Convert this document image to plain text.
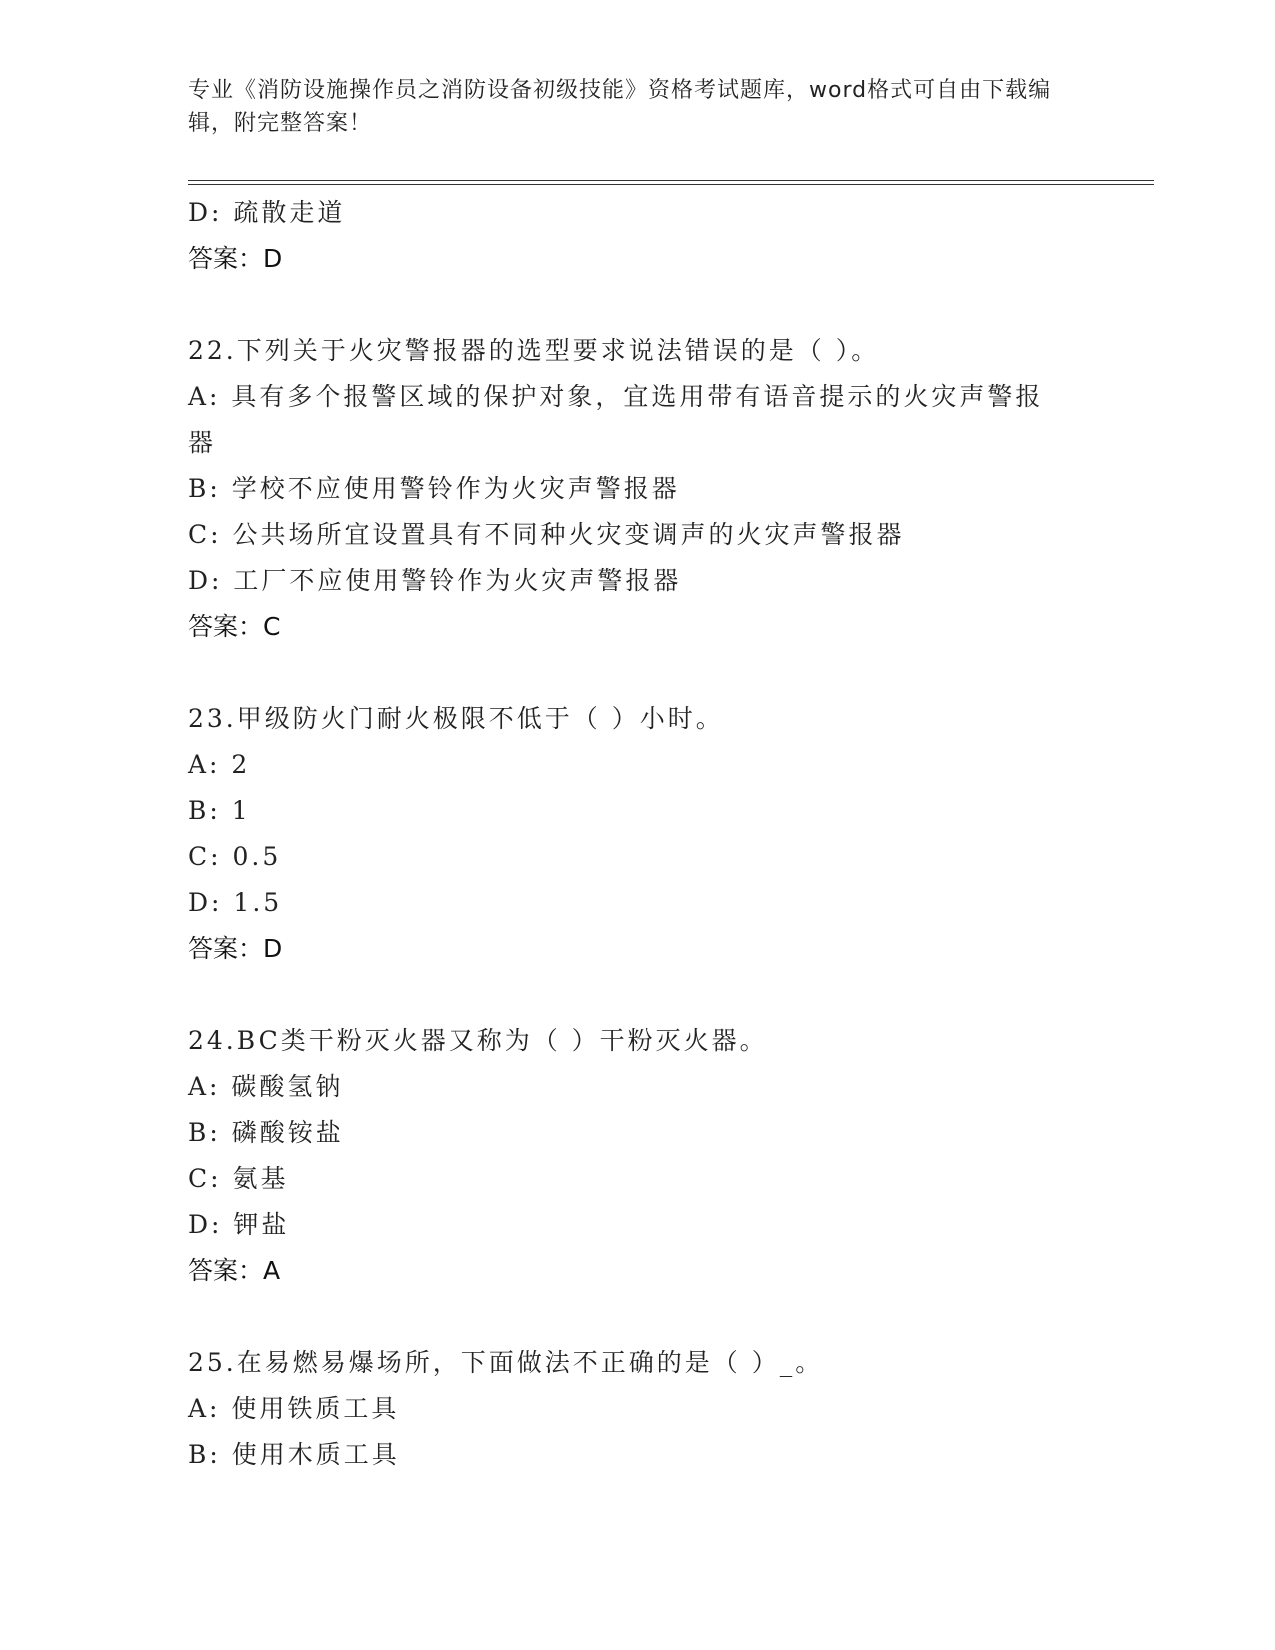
专业《消防设施操作员之消防设备初级技能》资格考试题库，word格式可自由下载编辑，附完整答案！
D: 疏散走道
答案：D
22.下列关于火灾警报器的选型要求说法错误的是（ ）。
A: 具有多个报警区域的保护对象，宜选用带有语音提示的火灾声警报器
B: 学校不应使用警铃作为火灾声警报器
C: 公共场所宜设置具有不同种火灾变调声的火灾声警报器
D: 工厂不应使用警铃作为火灾声警报器
答案：C
23.甲级防火门耐火极限不低于（ ）小时。
A: 2
B: 1
C: 0.5
D: 1.5
答案：D
24.BC类干粉灭火器又称为（ ）干粉灭火器。
A: 碳酸氢钠
B: 磷酸铵盐
C: 氨基
D: 钾盐
答案：A
25.在易燃易爆场所，下面做法不正确的是（ ）_。
A: 使用铁质工具
B: 使用木质工具
